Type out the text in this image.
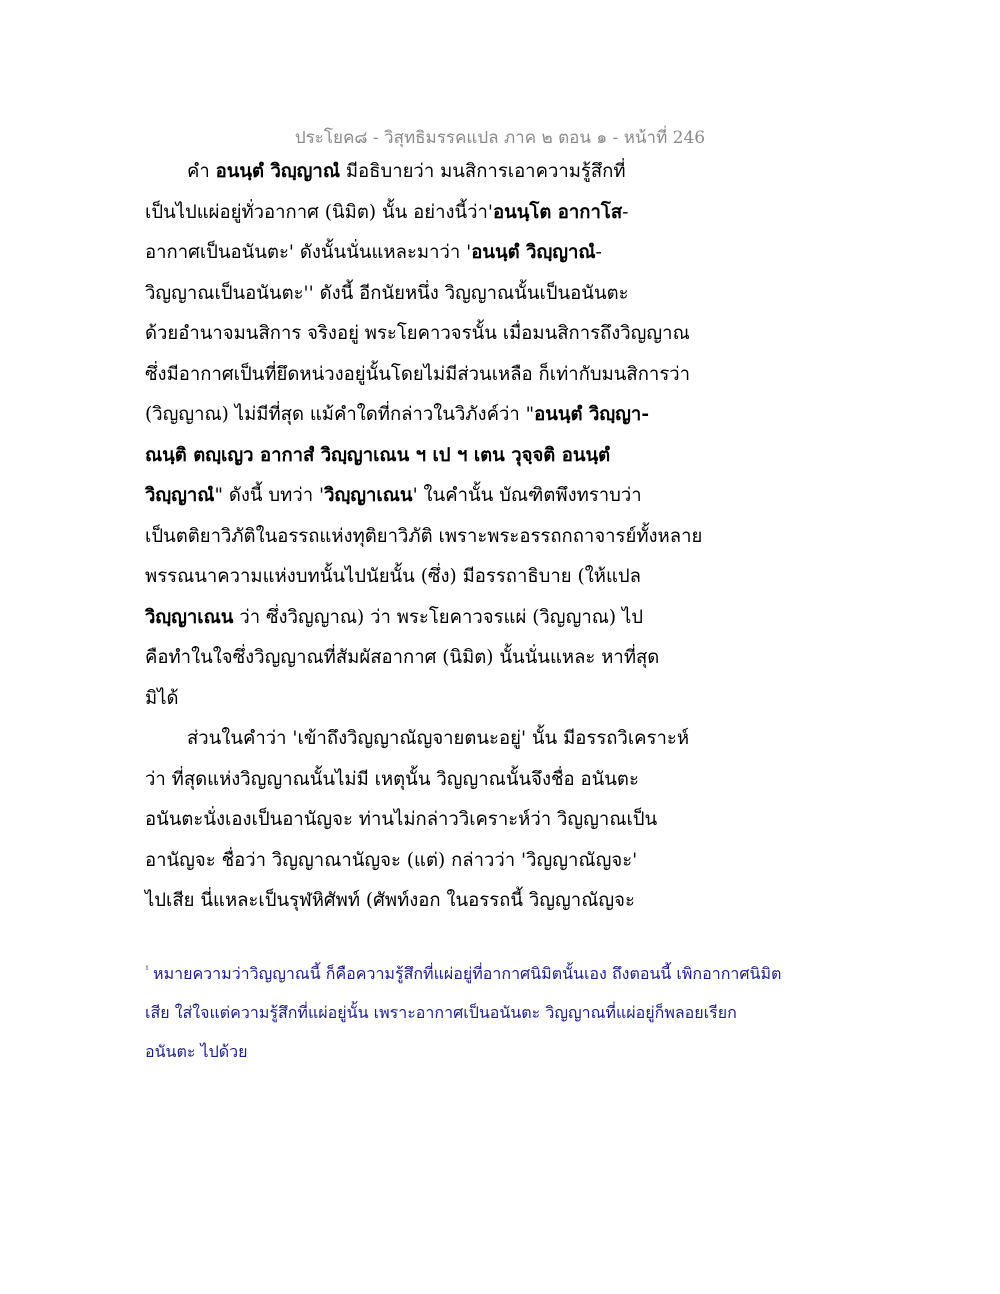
ประโยค๘ - วิสุทธิมรรคแปล ภาค ๒ ตอน ๑ - หน้าที่ 246
คำ อนนฺตํ วิญฺญาณํ มีอธิบายว่า มนสิการเอาความรู้สึกที่
เป็นไปแผ่อยู่ทั่วอากาศ (นิมิต) นั้น อย่างนี้ว่า'อนนฺโต อากาโส-
อากาศเป็นอนันตะ' ดังนั้นนั่นแหละมาว่า 'อนนฺตํ วิญฺญาณํ-
วิญญาณเป็นอนันตะ'' ดังนี้ อีกนัยหนึ่ง วิญญาณนั้นเป็นอนันตะ
ด้วยอำนาจมนสิการ จริงอยู่ พระโยคาวจรนั้น เมื่อมนสิการถึงวิญญาณ
ซึ่งมีอากาศเป็นที่ยึดหน่วงอยู่นั้นโดยไม่มีส่วนเหลือ ก็เท่ากับมนสิการว่า
(วิญญาณ) ไม่มีที่สุด แม้คำใดที่กล่าวในวิภังค์ว่า "อนนฺตํ วิญฺญา-
ณนฺติ ตญฺเญว อากาสํ วิญฺญาเณน ฯ เป ฯ เตน วุจฺจติ อนนฺตํ
วิญฺญาณํ" ดังนี้ บทว่า 'วิญฺญาเณน' ในคำนั้น บัณฑิตพึงทราบว่า
เป็นตติยาวิภัติในอรรถแห่งทุติยาวิภัติ เพราะพระอรรถกถาจารย์ทั้งหลาย
พรรณนาความแห่งบทนั้นไปนัยนั้น (ซึ่ง) มีอรรถาธิบาย (ให้แปล
วิญฺญาเณน ว่า ซึ่งวิญญาณ) ว่า พระโยคาวจรแผ่ (วิญญาณ) ไป
คือทำในใจซึ่งวิญญาณที่สัมผัสอากาศ (นิมิต) นั้นนั่นแหละ หาที่สุด
มิได้
ส่วนในคำว่า 'เข้าถึงวิญญาณัญจายตนะอยู่' นั้น มีอรรถวิเคราะห์
ว่า ที่สุดแห่งวิญญาณนั้นไม่มี เหตุนั้น วิญญาณนั้นจึงชื่อ อนันตะ
อนันตะนั่งเองเป็นอานัญจะ ท่านไม่กล่าววิเคราะห์ว่า วิญญาณเป็น
อานัญจะ ชื่อว่า วิญญาณานัญจะ (แต่) กล่าวว่า 'วิญญาณัญจะ'
ไปเสีย นี่แหละเป็นรุฬหิศัพท์ (ศัพท์งอก ในอรรถนี้ วิญญาณัญจะ
$^{^1}$ หมายความว่าวิญญาณนี้ ก็คือความรู้สึกที่แผ่อยู่ที่อากาศนิมิตนั้นเอง ถึงตอนนี้ เพิกอากาศนิมิต
เสีย ใส่ใจแต่ความรู้สึกที่แผ่อยู่นั้น เพราะอากาศเป็นอนันตะ วิญญาณที่แผ่อยู่ก็พลอยเรียก
อนันตะ ไปด้วย
